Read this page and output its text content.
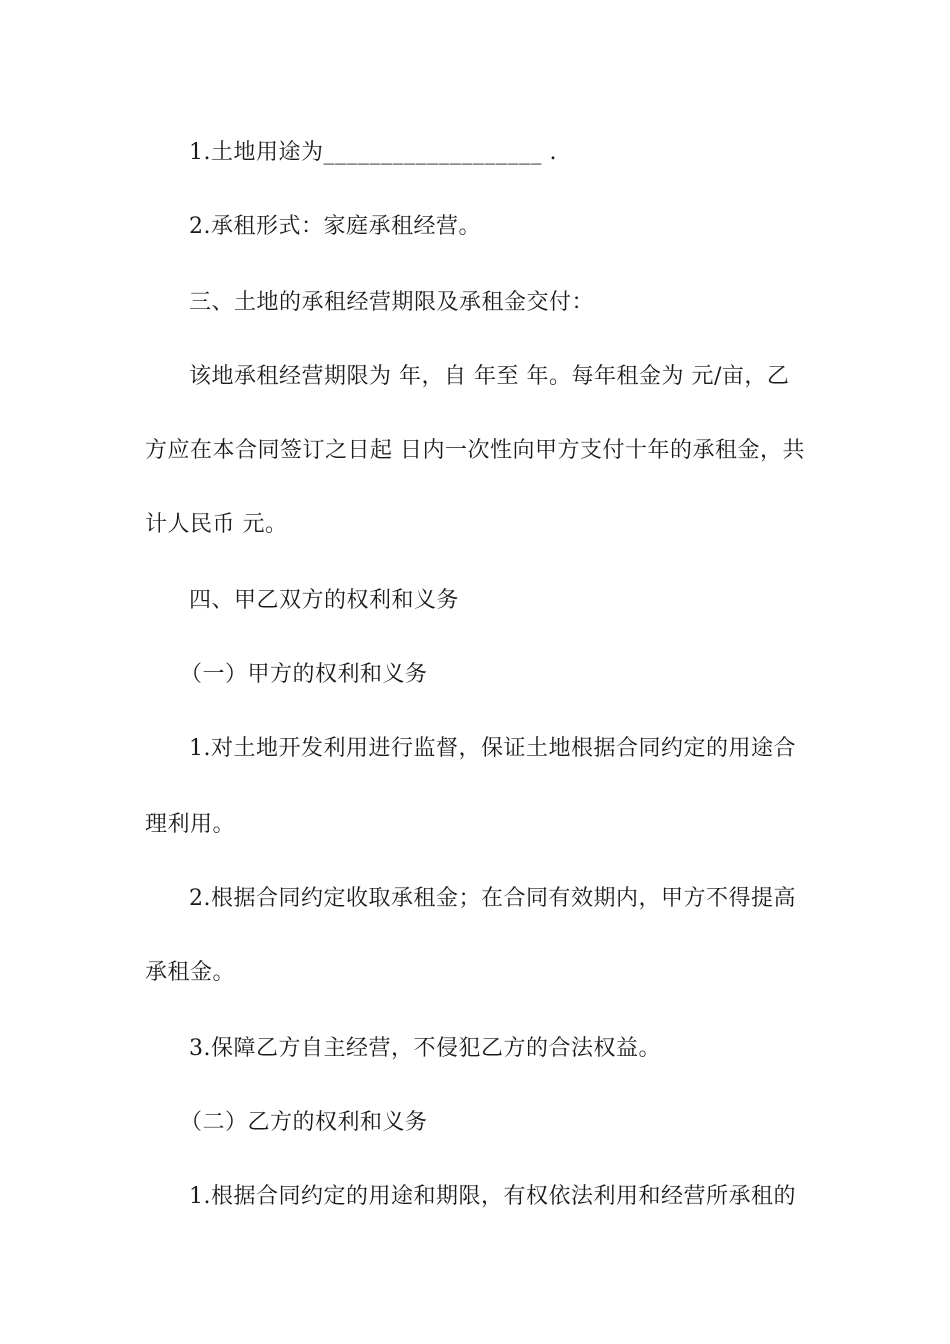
1.土地用途为___________________ .
2.承租形式：家庭承租经营。
三、土地的承租经营期限及承租金交付：
该地承租经营期限为 年，自 年至 年。每年租金为 元/亩，乙
方应在本合同签订之日起 日内一次性向甲方支付十年的承租金，共
计人民币 元。
四、甲乙双方的权利和义务
（一）甲方的权利和义务
1.对土地开发利用进行监督，保证土地根据合同约定的用途合
理利用。
2.根据合同约定收取承租金；在合同有效期内，甲方不得提高
承租金。
3.保障乙方自主经营，不侵犯乙方的合法权益。
（二）乙方的权利和义务
1.根据合同约定的用途和期限，有权依法利用和经营所承租的
